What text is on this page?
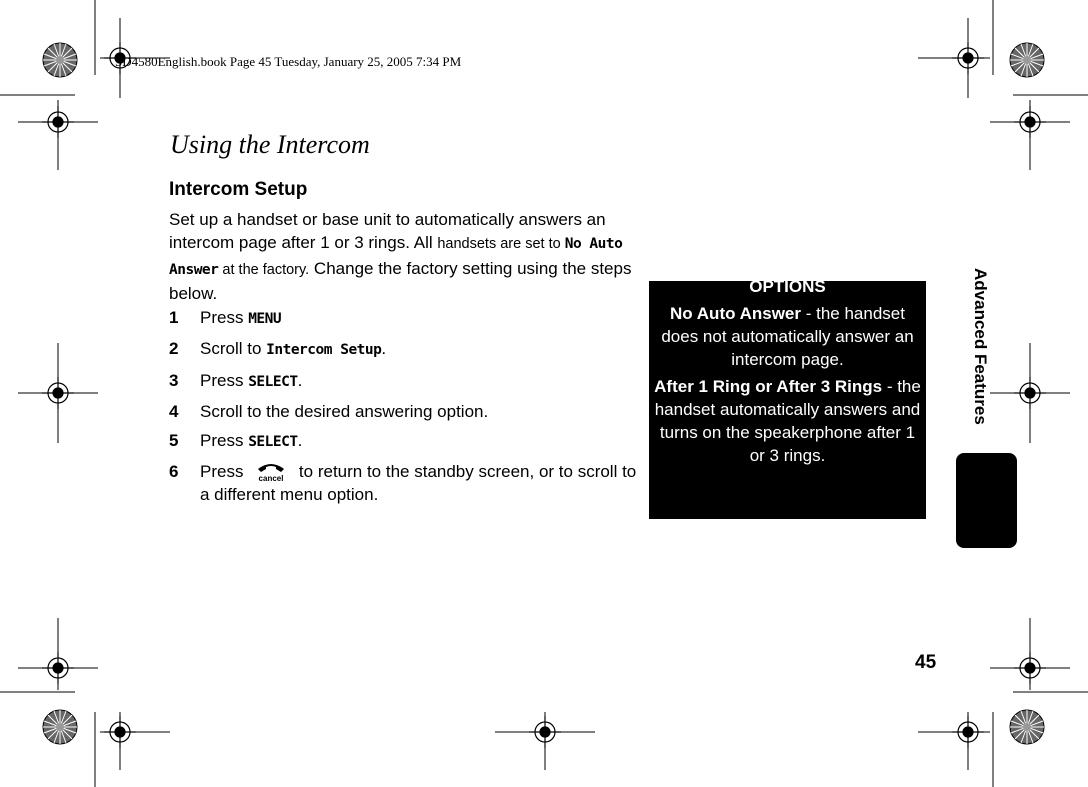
SD4580English.book Page 45 Tuesday, January 25, 2005 7:34 PM
Using the Intercom
Intercom Setup
Set up a handset or base unit to automatically answers an intercom page after 1 or 3 rings. All handsets are set to No Auto Answer at the factory. Change the factory setting using the steps below.
1 Press MENU
2 Scroll to Intercom Setup.
3 Press SELECT.
4 Scroll to the desired answering option.
5 Press SELECT.
6 Press cancel to return to the standby screen, or to scroll to a different menu option.
OPTIONS

No Auto Answer - the handset does not automatically answer an intercom page.

After 1 Ring or After 3 Rings - the handset automatically answers and turns on the speakerphone after 1 or 3 rings.

Advanced Features
45
